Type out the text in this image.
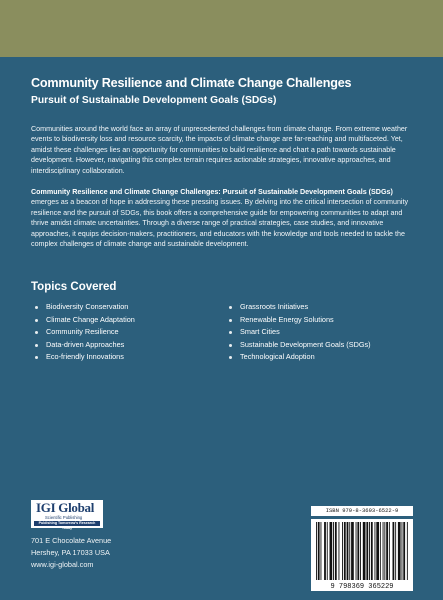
Community Resilience and Climate Change Challenges
Pursuit of Sustainable Development Goals (SDGs)

Communities around the world face an array of unprecedented challenges from climate change. From extreme weather events to biodiversity loss and resource scarcity, the impacts of climate change are far-reaching and multifaceted. Yet, amidst these challenges lies an opportunity for communities to build resilience and chart a path towards sustainable development. However, navigating this complex terrain requires actionable strategies, innovative approaches, and interdisciplinary collaboration.

Community Resilience and Climate Change Challenges: Pursuit of Sustainable Development Goals (SDGs) emerges as a beacon of hope in addressing these pressing issues. By delving into the critical intersection of community resilience and the pursuit of SDGs, this book offers a comprehensive guide for empowering communities to adapt and thrive amidst climate uncertainties. Through a diverse range of practical strategies, case studies, and innovative approaches, it equips decision-makers, practitioners, and educators with the knowledge and tools needed to tackle the complex challenges of climate change and sustainable development.

Topics Covered
Biodiversity Conservation
Climate Change Adaptation
Community Resilience
Data-driven Approaches
Eco-friendly Innovations
Grassroots Initiatives
Renewable Energy Solutions
Smart Cities
Sustainable Development Goals (SDGs)
Technological Adoption
IGI Global
Scientific Publishing
Publishing Tomorrow's Research Today
701 E Chocolate Avenue
Hershey, PA 17033 USA
www.igi-global.com
ISBN 979-8-3693-6522-9
9 798369 365229
